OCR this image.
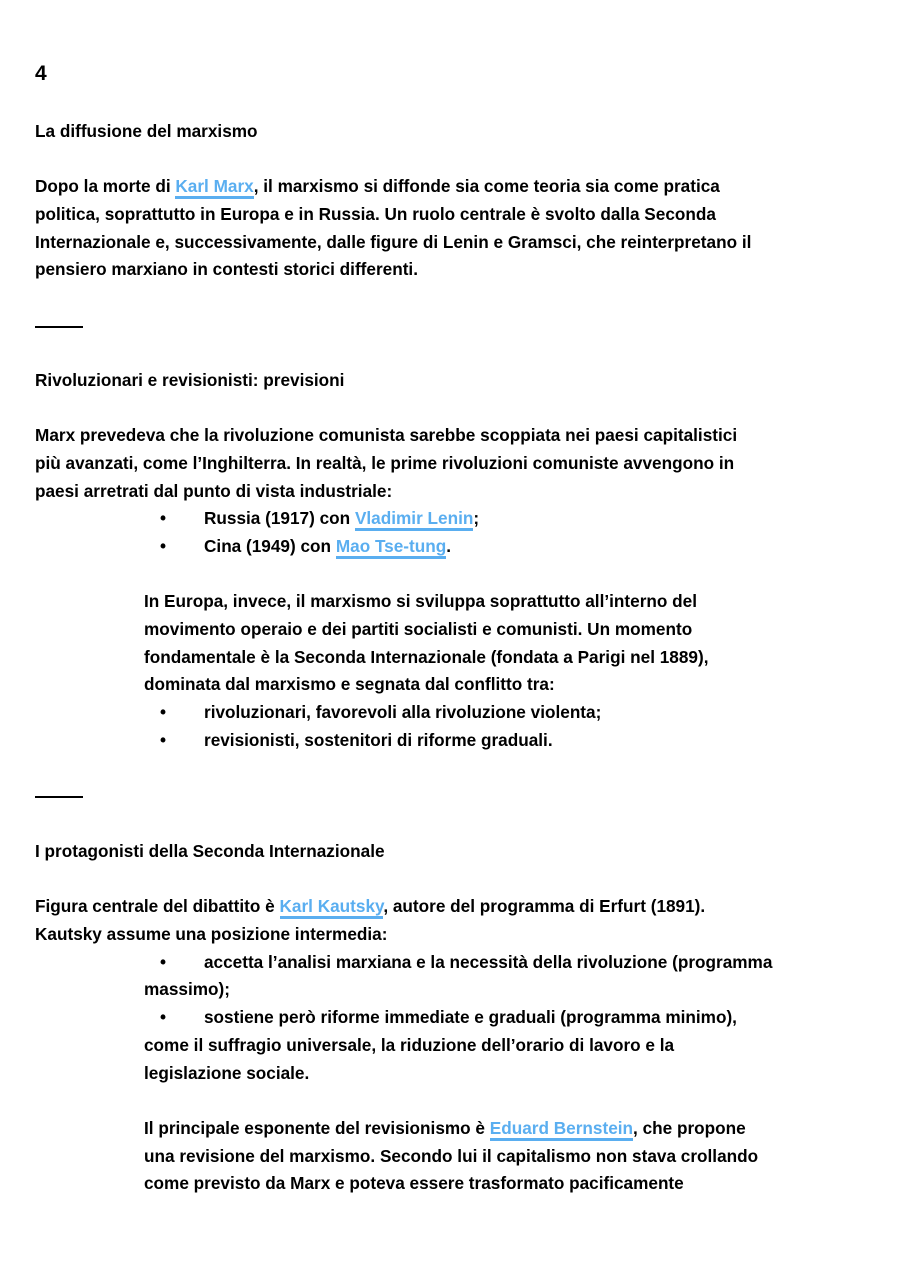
4
La diffusione del marxismo
Dopo la morte di Karl Marx, il marxismo si diffonde sia come teoria sia come pratica
politica, soprattutto in Europa e in Russia. Un ruolo centrale è svolto dalla Seconda
Internazionale e, successivamente, dalle figure di Lenin e Gramsci, che reinterpretano il
pensiero marxiano in contesti storici differenti.
Rivoluzionari e revisionisti: previsioni
Marx prevedeva che la rivoluzione comunista sarebbe scoppiata nei paesi capitalistici
più avanzati, come l’Inghilterra. In realtà, le prime rivoluzioni comuniste avvengono in
paesi arretrati dal punto di vista industriale:
• Russia (1917) con Vladimir Lenin;
• Cina (1949) con Mao Tse-tung.
In Europa, invece, il marxismo si sviluppa soprattutto all’interno del
movimento operaio e dei partiti socialisti e comunisti. Un momento
fondamentale è la Seconda Internazionale (fondata a Parigi nel 1889),
dominata dal marxismo e segnata dal conflitto tra:
• rivoluzionari, favorevoli alla rivoluzione violenta;
• revisionisti, sostenitori di riforme graduali.
I protagonisti della Seconda Internazionale
Figura centrale del dibattito è Karl Kautsky, autore del programma di Erfurt (1891).
Kautsky assume una posizione intermedia:
• accetta l’analisi marxiana e la necessità della rivoluzione (programma
massimo);
• sostiene però riforme immediate e graduali (programma minimo),
come il suffragio universale, la riduzione dell’orario di lavoro e la
legislazione sociale.
Il principale esponente del revisionismo è Eduard Bernstein, che propone
una revisione del marxismo. Secondo lui il capitalismo non stava crollando
come previsto da Marx e poteva essere trasformato pacificamente
